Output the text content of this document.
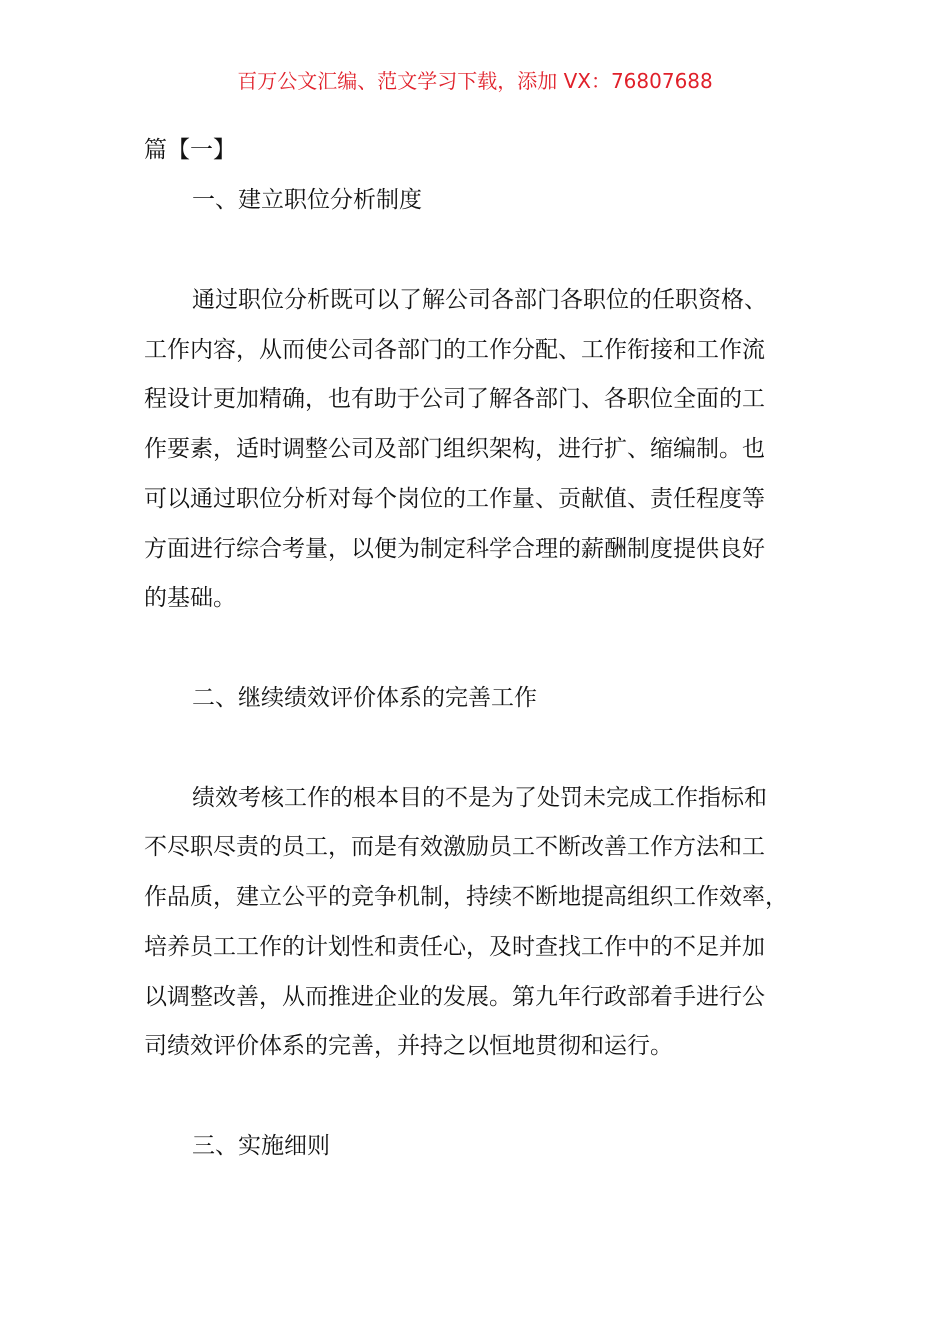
百万公文汇编、范文学习下载，添加 VX：76807688
篇【一】
一、建立职位分析制度
通过职位分析既可以了解公司各部门各职位的任职资格、
工作内容，从而使公司各部门的工作分配、工作衔接和工作流
程设计更加精确，也有助于公司了解各部门、各职位全面的工
作要素，适时调整公司及部门组织架构，进行扩、缩编制。也
可以通过职位分析对每个岗位的工作量、贡献值、责任程度等
方面进行综合考量，以便为制定科学合理的薪酬制度提供良好
的基础。
二、继续绩效评价体系的完善工作
绩效考核工作的根本目的不是为了处罚未完成工作指标和
不尽职尽责的员工，而是有效激励员工不断改善工作方法和工
作品质，建立公平的竞争机制，持续不断地提高组织工作效率，
培养员工工作的计划性和责任心，及时查找工作中的不足并加
以调整改善，从而推进企业的发展。第九年行政部着手进行公
司绩效评价体系的完善，并持之以恒地贯彻和运行。
三、实施细则
